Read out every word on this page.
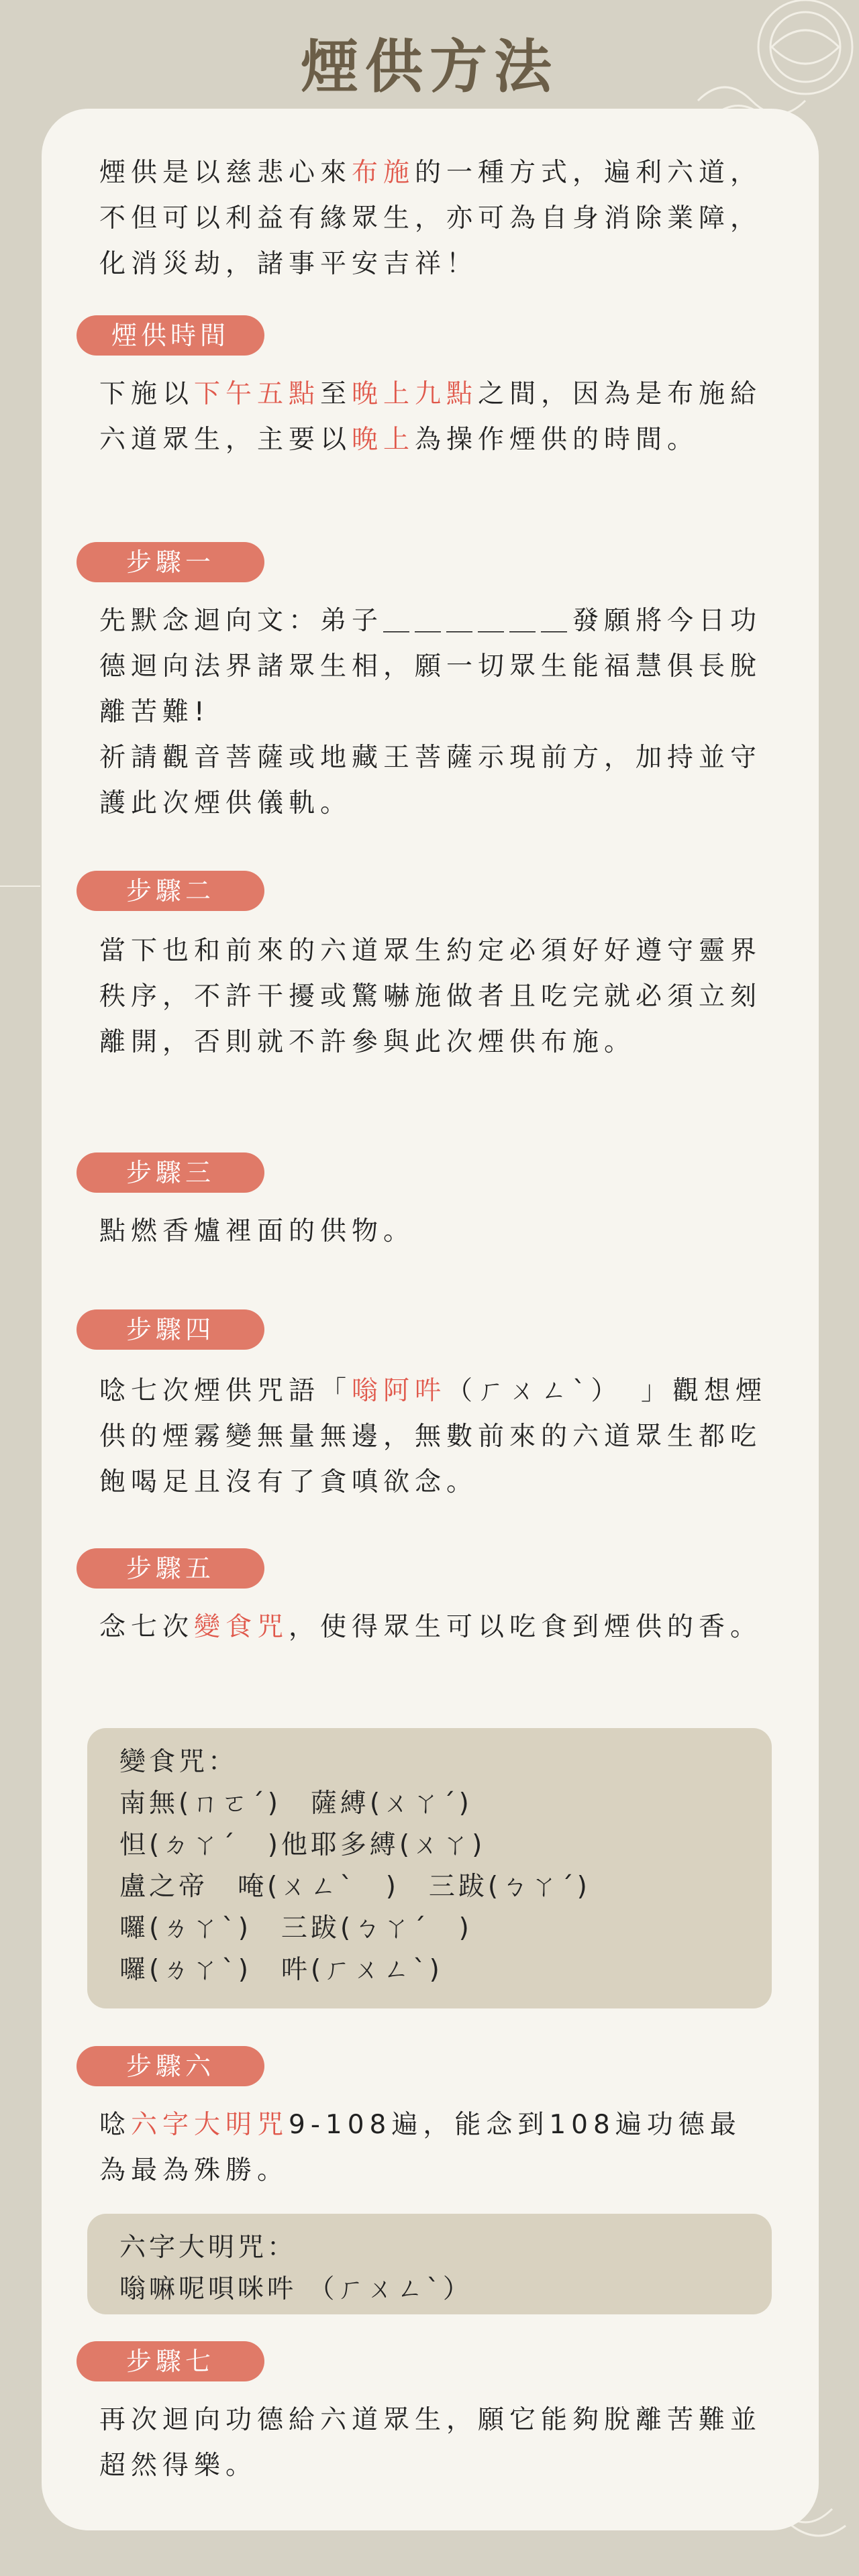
煙供方法

煙供是以慈悲心來布施的一種方式，遍利六道，不但可以利益有緣眾生，亦可為自身消除業障，化消災劫，諸事平安吉祥！

煙供時間

下施以下午五點至晚上九點之間，因為是布施給六道眾生，主要以晚上為操作煙供的時間。

步驟一

先默念迴向文：弟子＿＿＿＿＿＿發願將今日功德迴向法界諸眾生相，願一切眾生能福慧俱長脫離苦難!

祈請觀音菩薩或地藏王菩薩示現前方，加持並守護此次煙供儀軌。

步驟二

當下也和前來的六道眾生約定必須好好遵守靈界秩序，不許干擾或驚嚇施做者且吃完就必須立刻離開，否則就不許參與此次煙供布施。

步驟三

點燃香爐裡面的供物。

步驟四

唸七次煙供咒語「嗡阿吽（ㄏㄨㄥˋ）　」觀想煙供的煙霧變無量無邊，無數前來的六道眾生都吃飽喝足且沒有了貪嗔欲念。

步驟五

念七次變食咒，使得眾生可以吃食到煙供的香。

變食咒：
南無(ㄇㄛˊ)　薩縛(ㄨㄚˊ)
怛(ㄉㄚˊ　)他耶多縛(ㄨㄚ)
盧之帝　唵(ㄨㄥˋ　)　三跋(ㄅㄚˊ)
囉(ㄌㄚˋ)　三跋(ㄅㄚˊ　)
囉(ㄌㄚˋ)　吽(ㄏㄨㄥˋ)
步驟六

唸六字大明咒9-108遍，能念到108遍功德最為最為殊勝。

六字大明咒：
嗡嘛呢唄咪吽 （ㄏㄨㄥˋ）
步驟七

再次迴向功德給六道眾生，願它能夠脫離苦難並超然得樂。
